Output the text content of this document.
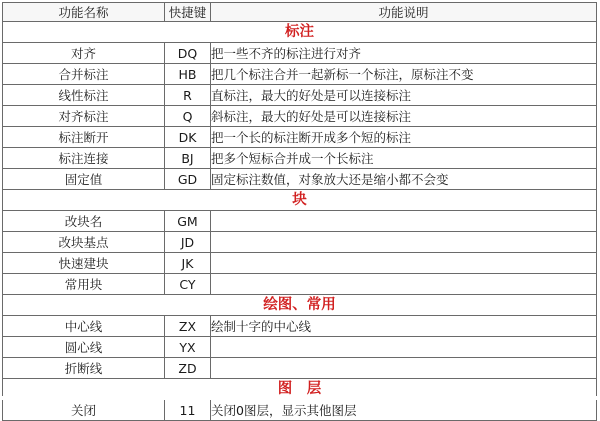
功能名称	快捷键	功能说明
标注		
对齐	DQ	把一些不齐的标注进行对齐
合并标注	HB	把几个标注合并一起新标一个标注，原标注不变
线性标注	R	直标注，最大的好处是可以连接标注
对齐标注	Q	斜标注，最大的好处是可以连接标注
标注断开	DK	把一个长的标注断开成多个短的标注
标注连接	BJ	把多个短标合并成一个长标注
固定值	GD	固定标注数值，对象放大还是缩小都不会变
块		
改块名	GM	
改块基点	JD	
快速建块	JK	
常用块	CY	
绘图、常用		
中心线	ZX	绘制十字的中心线
圆心线	YX	
折断线	ZD	
图　层		
关闭	11	关闭0图层，显示其他图层
